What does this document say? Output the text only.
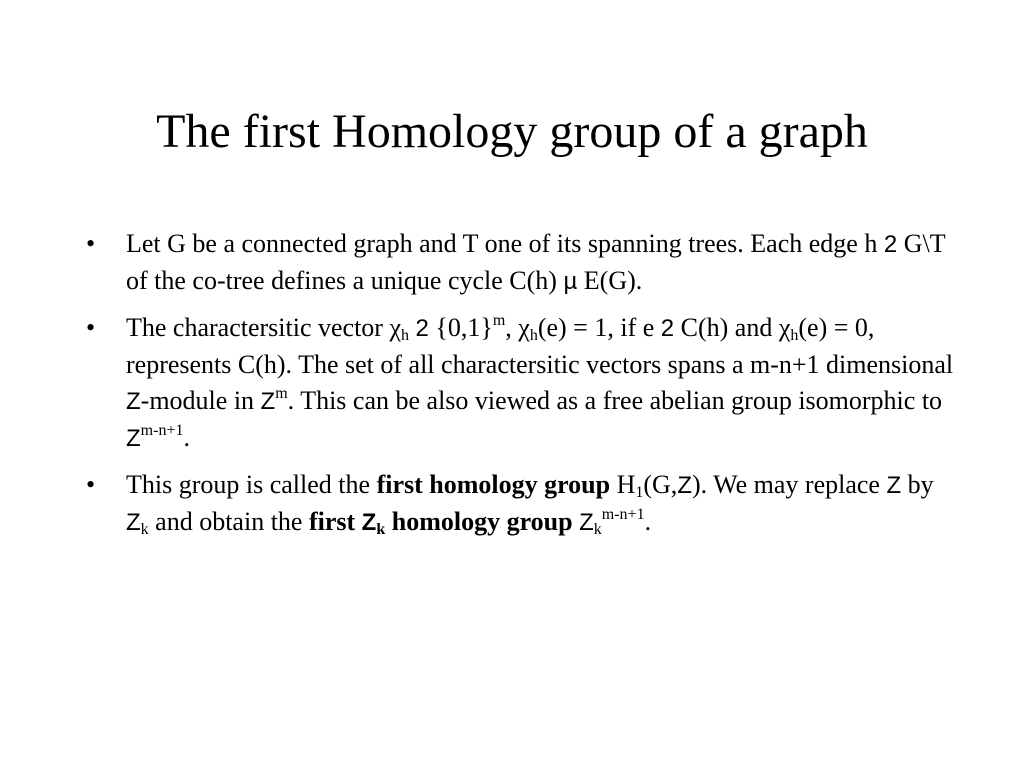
The first Homology group of a graph
• Let G be a connected graph and T one of its spanning trees. Each edge h 2 G\T of the co-tree defines a unique cycle C(h) µ E(G).
• The charactersitic vector $\chi_h$ 2 $\{0,1\}^m$, $\chi_h(e) = 1$, if e 2 C(h) and $\chi_h(e) = 0$, represents C(h). The set of all charactersitic vectors spans a m-n+1 dimensional Z-module in $Z^m$. This can be also viewed as a free abelian group isomorphic to $Z^{m-n+1}$.
• This group is called the first homology group $H_1(G,Z)$. We may replace Z by $Z_k$ and obtain the first $Z_k$ homology group $Z_k^{m-n+1}$.
